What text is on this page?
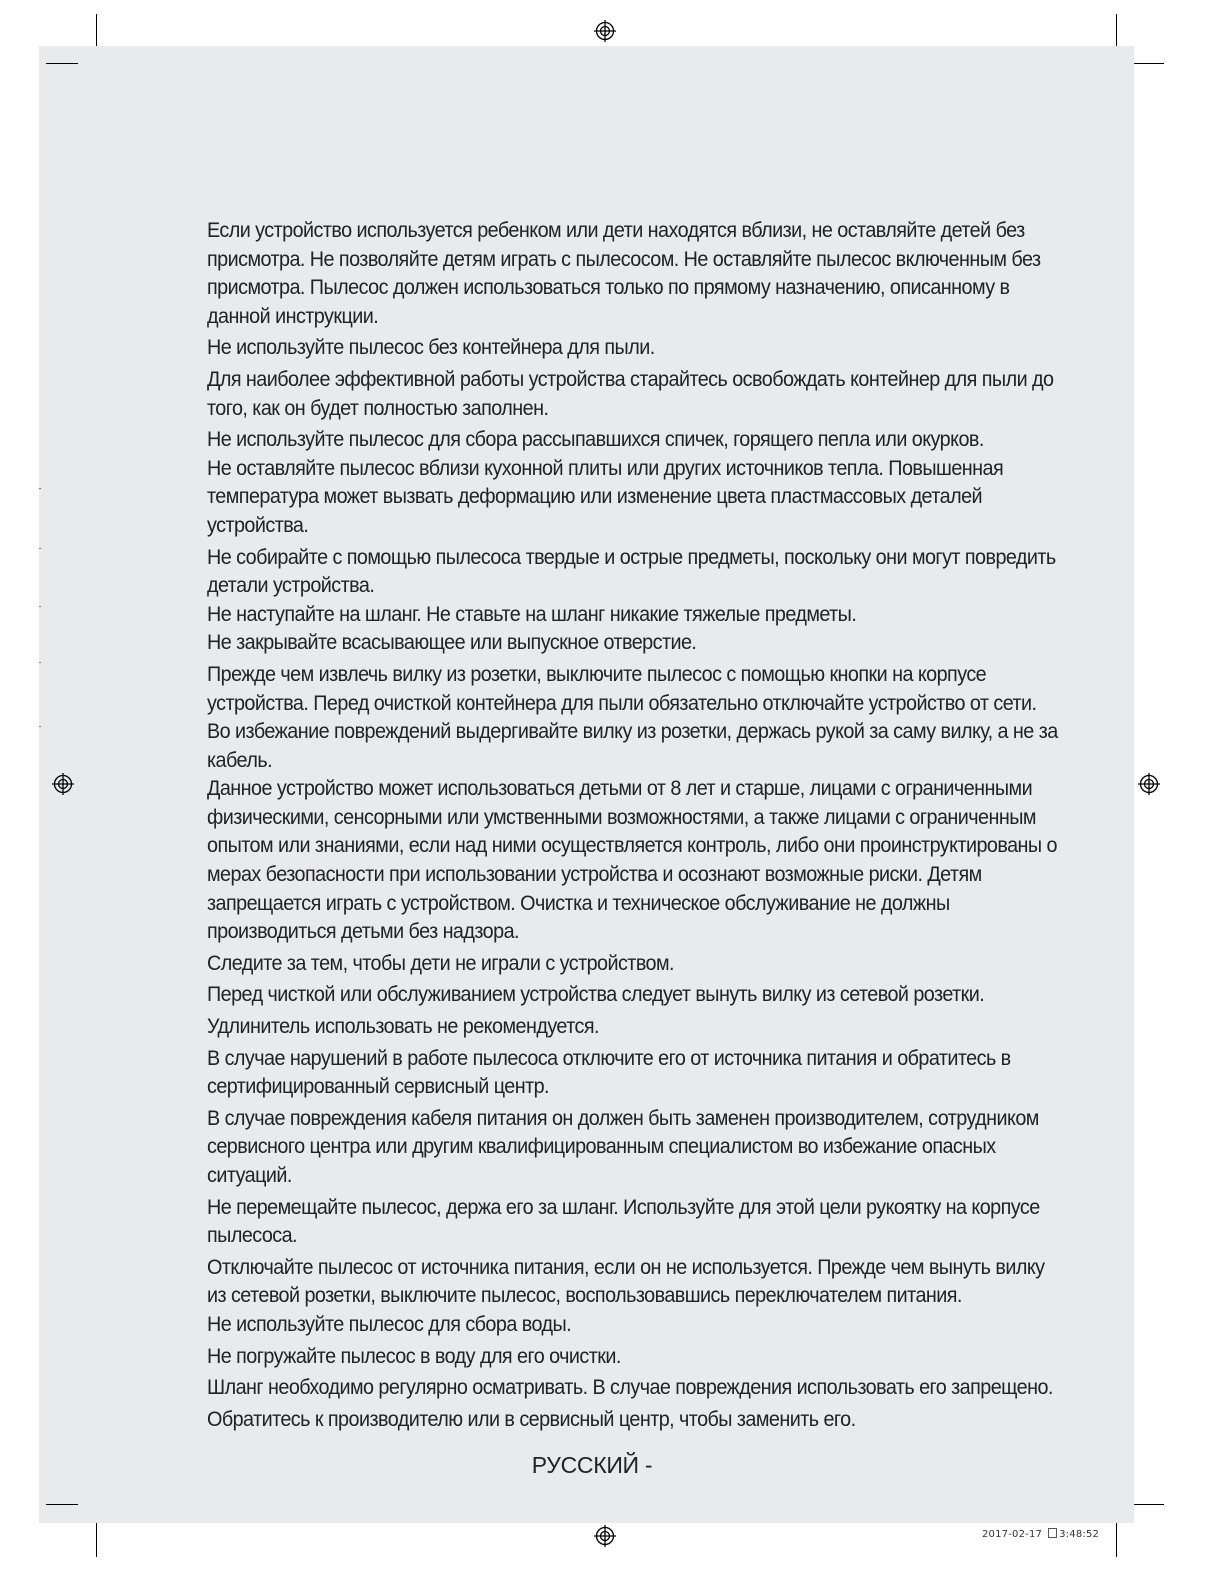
Если устройство используется ребенком или дети находятся вблизи, не оставляйте детей без присмотра. Не позволяйте детям играть с пылесосом. Не оставляйте пылесос включенным без присмотра. Пылесос должен использоваться только по прямому назначению, описанному в данной инструкции.

Не используйте пылесос без контейнера для пыли.

Для наиболее эффективной работы устройства старайтесь освобождать контейнер для пыли до того, как он будет полностью заполнен.

Не используйте пылесос для сбора рассыпавшихся спичек, горящего пепла или окурков.

Не оставляйте пылесос вблизи кухонной плиты или других источников тепла. Повышенная температура может вызвать деформацию или изменение цвета пластмассовых деталей устройства.

Не собирайте с помощью пылесоса твердые и острые предметы, поскольку они могут повредить детали устройства.

Не наступайте на шланг. Не ставьте на шланг никакие тяжелые предметы.

Не закрывайте всасывающее или выпускное отверстие.

Прежде чем извлечь вилку из розетки, выключите пылесос с помощью кнопки на корпусе устройства. Перед очисткой контейнера для пыли обязательно отключайте устройство от сети. Во избежание повреждений выдергивайте вилку из розетки, держась рукой за саму вилку, а не за кабель.

Данное устройство может использоваться детьми от 8 лет и старше, лицами с ограниченными физическими, сенсорными или умственными возможностями, а также лицами с ограниченным опытом или знаниями, если над ними осуществляется контроль, либо они проинструктированы о мерах безопасности при использовании устройства и осознают возможные риски. Детям запрещается играть с устройством. Очистка и техническое обслуживание не должны производиться детьми без надзора.

Следите за тем, чтобы дети не играли с устройством.

Перед чисткой или обслуживанием устройства следует вынуть вилку из сетевой розетки.

Удлинитель использовать не рекомендуется.

В случае нарушений в работе пылесоса отключите его от источника питания и обратитесь в сертифицированный сервисный центр.

В случае повреждения кабеля питания он должен быть заменен производителем, сотрудником сервисного центра или другим квалифицированным специалистом во избежание опасных ситуаций.

Не перемещайте пылесос, держа его за шланг. Используйте для этой цели рукоятку на корпусе пылесоса.

Отключайте пылесос от источника питания, если он не используется. Прежде чем вынуть вилку из сетевой розетки, выключите пылесос, воспользовавшись переключателем питания.

Не используйте пылесос для сбора воды.

Не погружайте пылесос в воду для его очистки.

Шланг необходимо регулярно осматривать. В случае повреждения использовать его запрещено.

Обратитесь к производителю или в сервисный центр, чтобы заменить его.

РУССКИЙ -
2017-02-17 3:48:52
